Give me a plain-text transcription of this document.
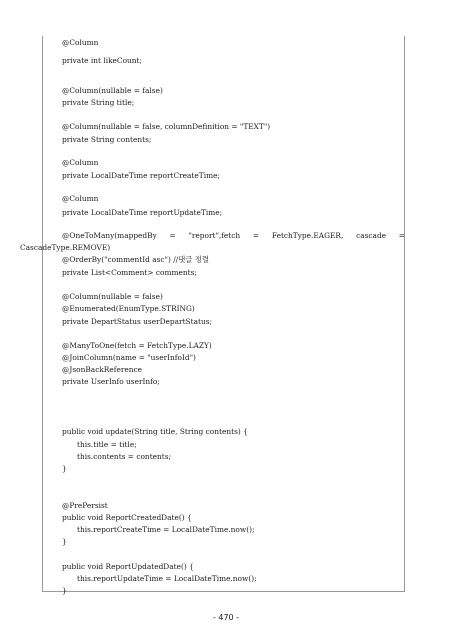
@Column
private int likeCount;
@Column(nullable = false)
private String title;
@Column(nullable = false, columnDefinition = "TEXT")
private String contents;
@Column
private LocalDateTime reportCreateTime;
@Column
private LocalDateTime reportUpdateTime;
@OneToMany(mappedBy = "report",fetch = FetchType.EAGER, cascade =
CascadeType.REMOVE)
@OrderBy("commentId asc") //댓글 정렬
private List<Comment> comments;
@Column(nullable = false)
@Enumerated(EnumType.STRING)
private DepartStatus userDepartStatus;
@ManyToOne(fetch = FetchType.LAZY)
@JoinColumn(name = "userInfoId")
@JsonBackReference
private UserInfo userInfo;
public void update(String title, String contents) {
this.title = title;
this.contents = contents;
}
@PrePersist
public void ReportCreatedDate() {
this.reportCreateTime = LocalDateTime.now();
}
public void ReportUpdatedDate() {
this.reportUpdateTime = LocalDateTime.now();
}
- 470 -
